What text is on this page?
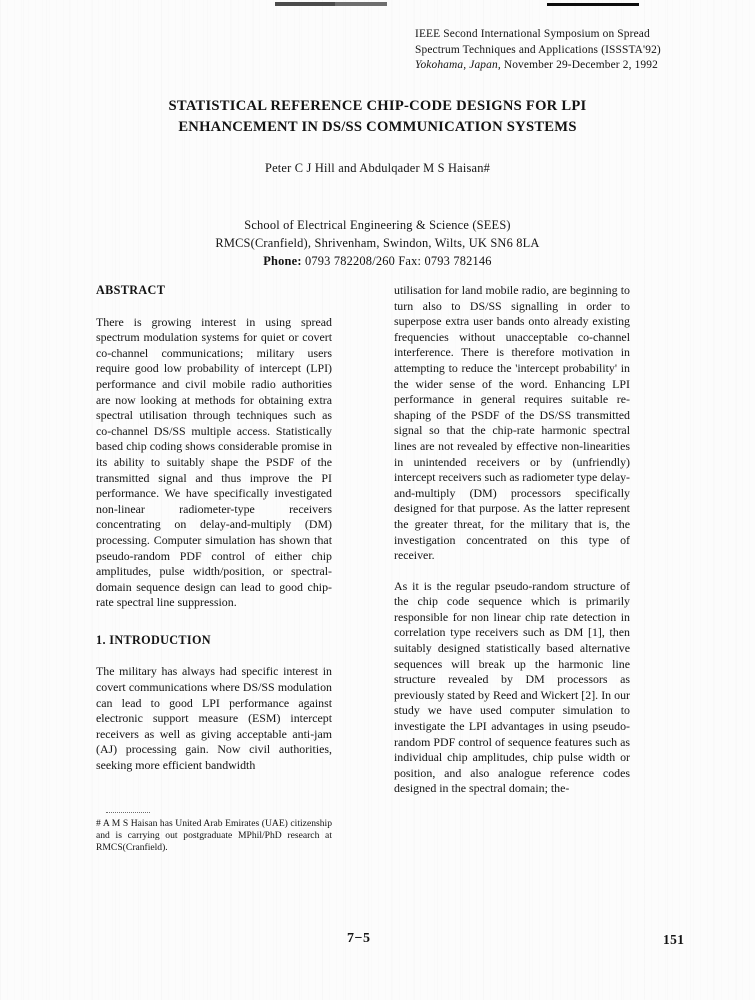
IEEE Second International Symposium on Spread
Spectrum Techniques and Applications (ISSSTA'92)
Yokohama, Japan, November 29-December 2, 1992
STATISTICAL REFERENCE CHIP-CODE DESIGNS FOR LPI
ENHANCEMENT IN DS/SS COMMUNICATION SYSTEMS
Peter C J Hill and Abdulqader M S Haisan#
School of Electrical Engineering & Science (SEES)
RMCS(Cranfield), Shrivenham, Swindon, Wilts, UK SN6 8LA
Phone: 0793 782208/260 Fax: 0793 782146
ABSTRACT

There is growing interest in using spread spectrum modulation systems for quiet or covert co-channel communications; military users require good low probability of intercept (LPI) performance and civil mobile radio authorities are now looking at methods for obtaining extra spectral utilisation through techniques such as co-channel DS/SS multiple access. Statistically based chip coding shows considerable promise in its ability to suitably shape the PSDF of the transmitted signal and thus improve the PI performance. We have specifically investigated non-linear radiometer-type receivers concentrating on delay-and-multiply (DM) processing. Computer simulation has shown that pseudo-random PDF control of either chip amplitudes, pulse width/position, or spectral-domain sequence design can lead to good chip-rate spectral line suppression.

1. INTRODUCTION

The military has always had specific interest in covert communications where DS/SS modulation can lead to good LPI performance against electronic support measure (ESM) intercept receivers as well as giving acceptable anti-jam (AJ) processing gain. Now civil authorities, seeking more efficient bandwidth

utilisation for land mobile radio, are beginning to turn also to DS/SS signalling in order to superpose extra user bands onto already existing frequencies without unacceptable co-channel interference. There is therefore motivation in attempting to reduce the 'intercept probability' in the wider sense of the word. Enhancing LPI performance in general requires suitable re-shaping of the PSDF of the DS/SS transmitted signal so that the chip-rate harmonic spectral lines are not revealed by effective non-linearities in unintended receivers or by (unfriendly) intercept receivers such as radiometer type delay-and-multiply (DM) processors specifically designed for that purpose. As the latter represent the greater threat, for the military that is, the investigation concentrated on this type of receiver.

As it is the regular pseudo-random structure of the chip code sequence which is primarily responsible for non linear chip rate detection in correlation type receivers such as DM [1], then suitably designed statistically based alternative sequences will break up the harmonic line structure revealed by DM processors as previously stated by Reed and Wickert [2]. In our study we have used computer simulation to investigate the LPI advantages in using pseudo-random PDF control of sequence features such as individual chip amplitudes, chip pulse width or position, and also analogue reference codes designed in the spectral domain; the-

# A M S Haisan has United Arab Emirates (UAE) citizenship and is carrying out postgraduate MPhil/PhD research at RMCS(Cranfield).

7−5	151
